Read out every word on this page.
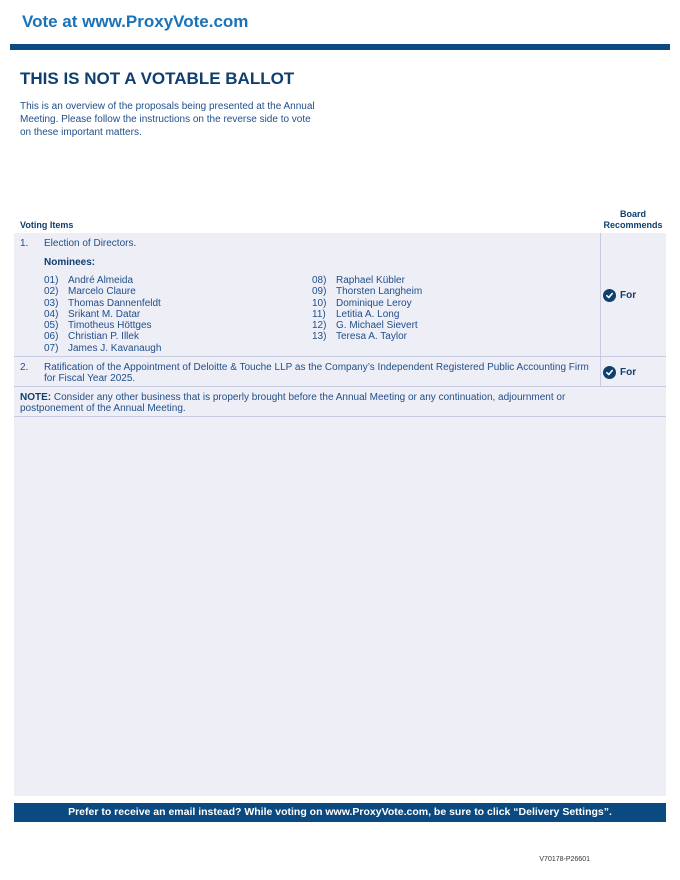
Vote at www.ProxyVote.com
THIS IS NOT A VOTABLE BALLOT
This is an overview of the proposals being presented at the Annual Meeting. Please follow the instructions on the reverse side to vote on these important matters.
Voting Items
Board
Recommends
1. Election of Directors.
Nominees:
01) André Almeida
02) Marcelo Claure
03) Thomas Dannenfeldt
04) Srikant M. Datar
05) Timotheus Höttges
06) Christian P. Illek
07) James J. Kavanaugh
08) Raphael Kübler
09) Thorsten Langheim
10) Dominique Leroy
11)	Letitia A. Long
12) G. Michael Sievert
13) Teresa A. Taylor
For
2. Ratification of the Appointment of Deloitte & Touche LLP as the Company’s Independent Registered Public Accounting Firm for Fiscal Year 2025.
For
NOTE: Consider any other business that is properly brought before the Annual Meeting or any continuation, adjournment or postponement of the Annual Meeting.
Prefer to receive an email instead? While voting on www.ProxyVote.com, be sure to click “Delivery Settings”.
V70178-P26601
